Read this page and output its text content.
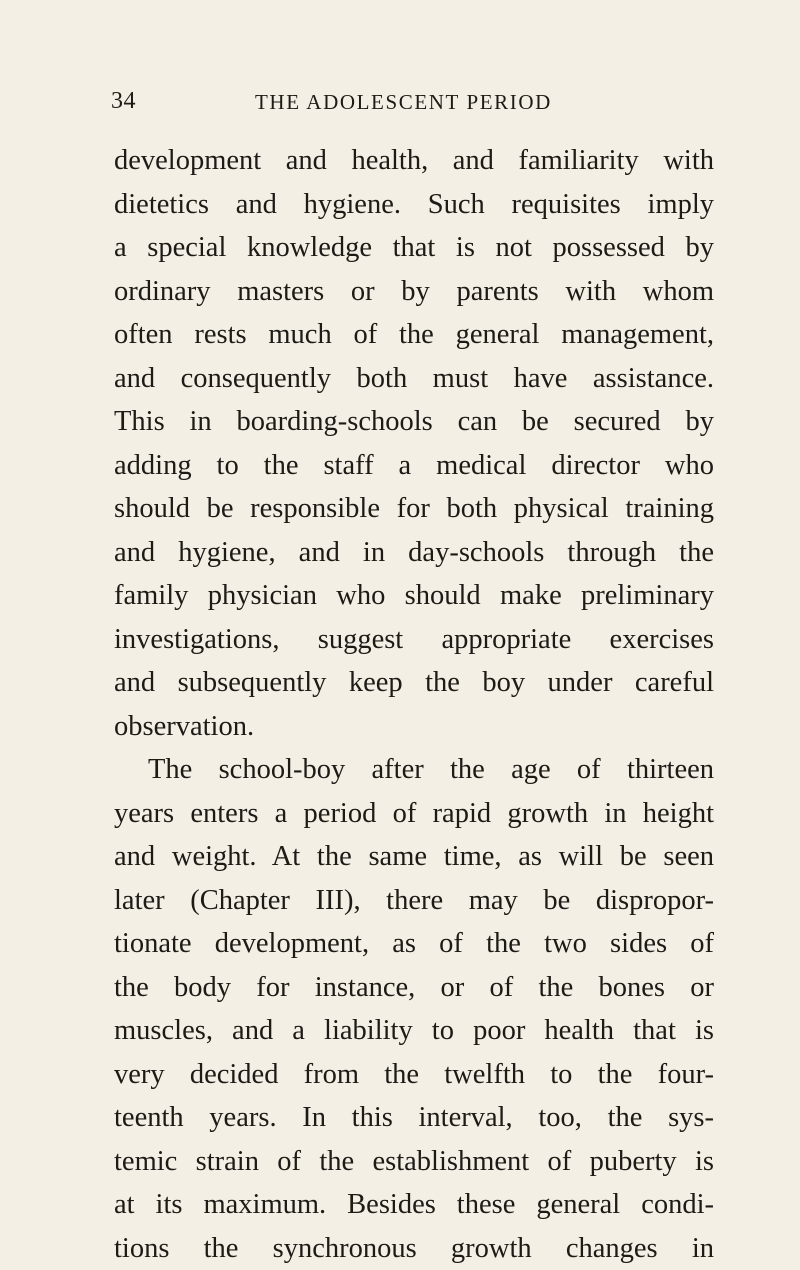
34	THE ADOLESCENT PERIOD
development and health, and familiarity with
dietetics and hygiene. Such requisites imply
a special knowledge that is not possessed by
ordinary masters or by parents with whom
often rests much of the general management,
and consequently both must have assistance.
This in boarding-schools can be secured by
adding to the staff a medical director who
should be responsible for both physical training
and hygiene, and in day-schools through the
family physician who should make preliminary
investigations, suggest appropriate exercises
and subsequently keep the boy under careful
observation.
The school-boy after the age of thirteen
years enters a period of rapid growth in height
and weight. At the same time, as will be seen
later (Chapter III), there may be dispropor-
tionate development, as of the two sides of
the body for instance, or of the bones or
muscles, and a liability to poor health that is
very decided from the twelfth to the four-
teenth years. In this interval, too, the sys-
temic strain of the establishment of puberty is
at its maximum. Besides these general condi-
tions the synchronous growth changes in
